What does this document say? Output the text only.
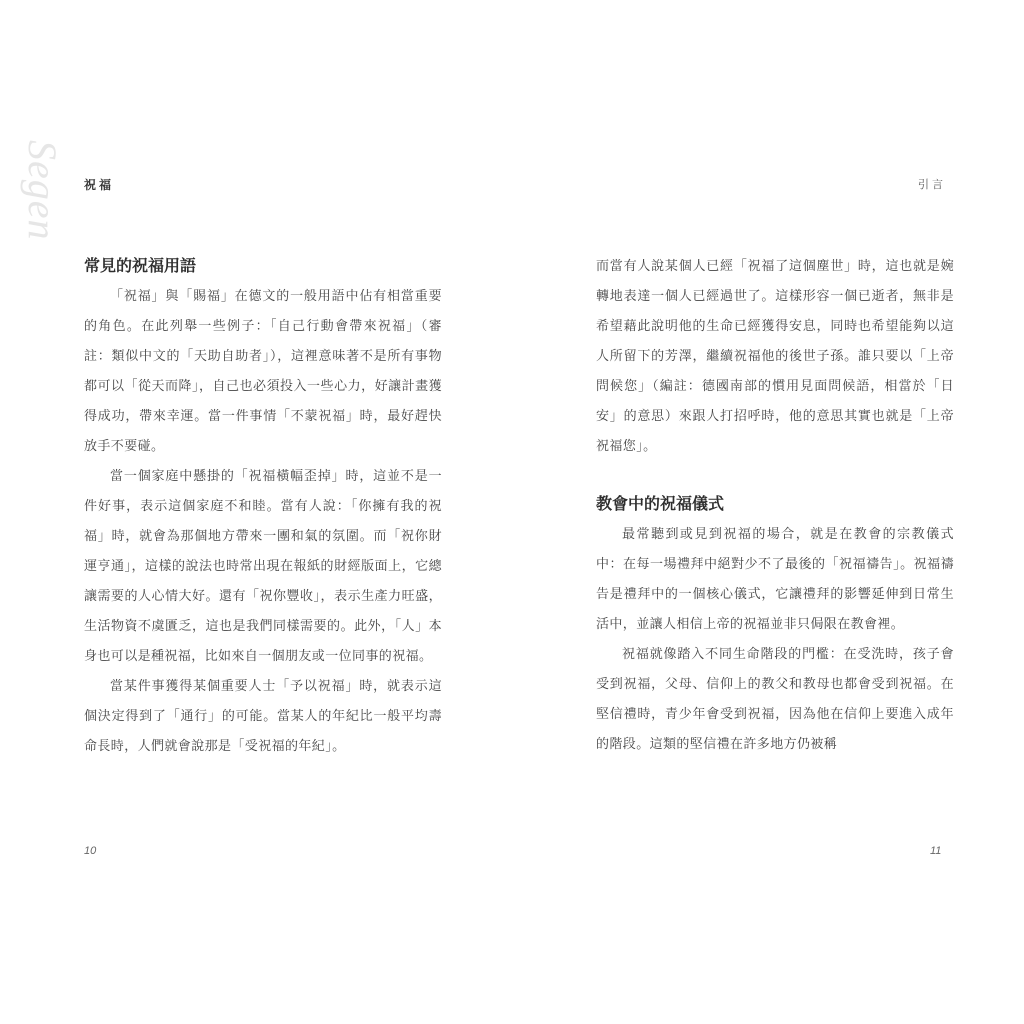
Segen 祝福	引言
常見的祝福用語

「祝福」與「賜福」在德文的一般用語中佔有相當重要的角色。在此列舉一些例子：「自己行動會帶來祝福」（審註：類似中文的「天助自助者」），這裡意味著不是所有事物都可以「從天而降」，自己也必須投入一些心力，好讓計畫獲得成功，帶來幸運。當一件事情「不蒙祝福」時，最好趕快放手不要碰。

當一個家庭中懸掛的「祝福橫幅歪掉」時，這並不是一件好事，表示這個家庭不和睦。當有人說：「你擁有我的祝福」時，就會為那個地方帶來一團和氣的氛圍。而「祝你財運亨通」，這樣的說法也時常出現在報紙的財經版面上，它總讓需要的人心情大好。還有「祝你豐收」，表示生產力旺盛，生活物資不虞匱乏，這也是我們同樣需要的。此外，「人」本身也可以是種祝福，比如來自一個朋友或一位同事的祝福。

當某件事獲得某個重要人士「予以祝福」時，就表示這個決定得到了「通行」的可能。當某人的年紀比一般平均壽命長時，人們就會說那是「受祝福的年紀」。

而當有人說某個人已經「祝福了這個塵世」時，這也就是婉轉地表達一個人已經過世了。這樣形容一個已逝者，無非是希望藉此說明他的生命已經獲得安息，同時也希望能夠以這人所留下的芳澤，繼續祝福他的後世子孫。誰只要以「上帝問候您」（編註：德國南部的慣用見面問候語，相當於「日安」的意思）來跟人打招呼時，他的意思其實也就是「上帝祝福您」。

教會中的祝福儀式

最常聽到或見到祝福的場合，就是在教會的宗教儀式中：在每一場禮拜中絕對少不了最後的「祝福禱告」。祝福禱告是禮拜中的一個核心儀式，它讓禮拜的影響延伸到日常生活中，並讓人相信上帝的祝福並非只侷限在教會裡。

祝福就像踏入不同生命階段的門檻：在受洗時，孩子會受到祝福，父母、信仰上的教父和教母也都會受到祝福。在堅信禮時，青少年會受到祝福，因為他在信仰上要進入成年的階段。這類的堅信禮在許多地方仍被稱

10	11
